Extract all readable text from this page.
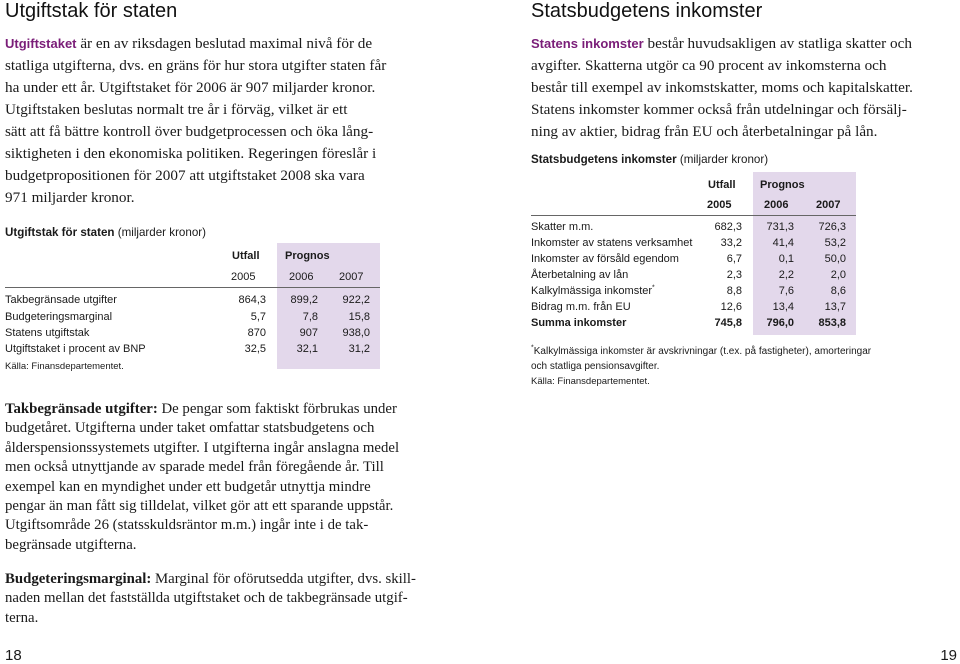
Utgiftstak för staten
Utgiftstaket är en av riksdagen beslutad maximal nivå för de
statliga utgifterna, dvs. en gräns för hur stora utgifter staten får
ha under ett år. Utgiftstaket för 2006 är 907 miljarder kronor.
Utgiftstaken beslutas normalt tre år i förväg, vilket är ett
sätt att få bättre kontroll över budgetprocessen och öka lång-
siktigheten i den ekonomiska politiken. Regeringen föreslår i
budgetpropositionen för 2007 att utgiftstaket 2008 ska vara
971 miljarder kronor.
Utgiftstak för staten (miljarder kronor)
Utfall Prognos
2005	2006 2007
Takbegränsade utgifter	864,3 899,2 922,2
Budgeteringsmarginal	5,7	7,8	15,8
Statens utgiftstak	870	907 938,0
Utgiftstaket i procent av BNP	32,5	32,1	31,2
Källa: Finansdepartementet.
Takbegränsade utgifter: De pengar som faktiskt förbrukas under
budgetåret. Utgifterna under taket omfattar statsbudgetens och
ålderspensionssystemets utgifter. I utgifterna ingår anslagna medel
men också utnyttjande av sparade medel från föregående år. Till
exempel kan en myndighet under ett budgetår utnyttja mindre
pengar än man fått sig tilldelat, vilket gör att ett sparande uppstår.
Utgiftsområde 26 (statsskuldsräntor m.m.) ingår inte i de tak-
begränsade utgifterna.
Budgeteringsmarginal: Marginal för oförutsedda utgifter, dvs. skill-
naden mellan det fastställda utgiftstaket och de takbegränsade utgif-
terna.
18
Statsbudgetens inkomster
Statens inkomster består huvudsakligen av statliga skatter och
avgifter. Skatterna utgör ca 90 procent av inkomsterna och
består till exempel av inkomstskatter, moms och kapitalskatter.
Statens inkomster kommer också från utdelningar och försälj-
ning av aktier, bidrag från EU och återbetalningar på lån.
Statsbudgetens inkomster (miljarder kronor)
Utfall Prognos
2005	2006	2007
Skatter m.m.	682,3 731,3 726,3
Inkomster av statens verksamhet	33,2	41,4	53,2
Inkomster av försåld egendom	6,7	0,1	50,0
Återbetalning av lån	2,3	2,2	2,0
Kalkylmässiga inkomster*	8,8	7,6	8,6
Bidrag m.m. från EU	12,6	13,4	13,7
Summa inkomster	745,8 796,0 853,8
*Kalkylmässiga inkomster är avskrivningar (t.ex. på fastigheter), amorteringar
och statliga pensionsavgifter.
Källa: Finansdepartementet.
19
